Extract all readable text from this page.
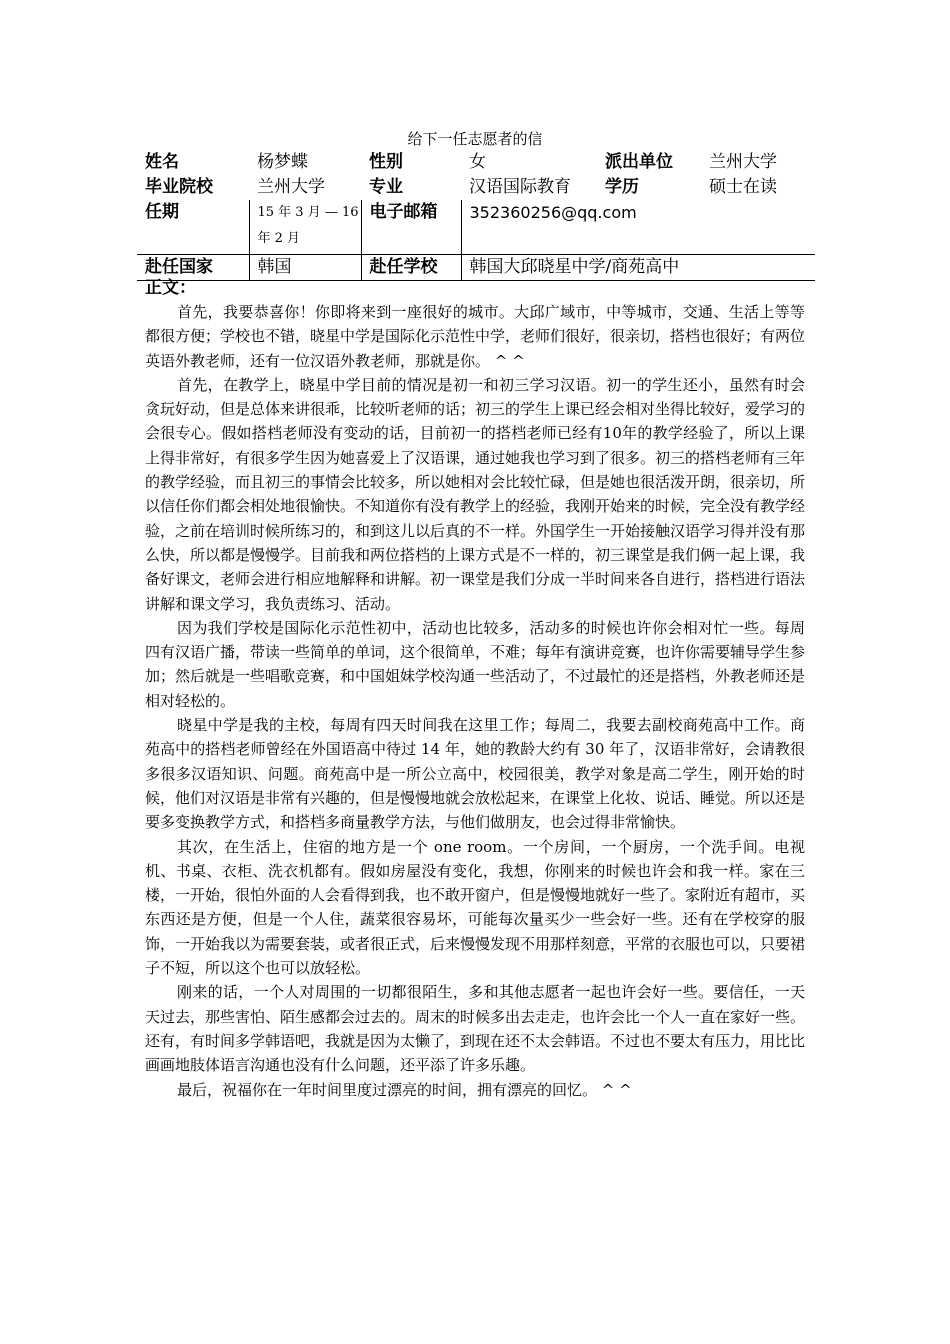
给下一任志愿者的信
姓名	杨梦蝶	性别	女	派出单位	兰州大学
毕业院校	兰州大学	专业	汉语国际教育	学历	硕士在读
任期	15 年 3 月 — 16 年 2 月	电子邮箱	352360256@qq.com		
赴任国家	韩国	赴任学校	韩国大邱晓星中学/商苑高中		
正文：

首先，我要恭喜你！你即将来到一座很好的城市。大邱广域市，中等城市，交通、生活上等等都很方便；学校也不错，晓星中学是国际化示范性中学，老师们很好，很亲切，搭档也很好；有两位英语外教老师，还有一位汉语外教老师，那就是你。 ^ ^

首先，在教学上，晓星中学目前的情况是初一和初三学习汉语。初一的学生还小，虽然有时会贪玩好动，但是总体来讲很乖，比较听老师的话；初三的学生上课已经会相对坐得比较好，爱学习的会很专心。假如搭档老师没有变动的话，目前初一的搭档老师已经有10年的教学经验了，所以上课上得非常好，有很多学生因为她喜爱上了汉语课，通过她我也学习到了很多。初三的搭档老师有三年的教学经验，而且初三的事情会比较多，所以她相对会比较忙碌，但是她也很活泼开朗，很亲切，所以信任你们都会相处地很愉快。不知道你有没有教学上的经验，我刚开始来的时候，完全没有教学经验，之前在培训时候所练习的，和到这儿以后真的不一样。外国学生一开始接触汉语学习得并没有那么快，所以都是慢慢学。目前我和两位搭档的上课方式是不一样的，初三课堂是我们俩一起上课，我备好课文，老师会进行相应地解释和讲解。初一课堂是我们分成一半时间来各自进行，搭档进行语法讲解和课文学习，我负责练习、活动。

因为我们学校是国际化示范性初中，活动也比较多，活动多的时候也许你会相对忙一些。每周四有汉语广播，带读一些简单的单词，这个很简单，不难；每年有演讲竞赛，也许你需要辅导学生参加；然后就是一些唱歌竞赛，和中国姐妹学校沟通一些活动了，不过最忙的还是搭档，外教老师还是相对轻松的。

晓星中学是我的主校，每周有四天时间我在这里工作；每周二，我要去副校商苑高中工作。商苑高中的搭档老师曾经在外国语高中待过 14 年，她的教龄大约有 30 年了，汉语非常好，会请教很多很多汉语知识、问题。商苑高中是一所公立高中，校园很美，教学对象是高二学生，刚开始的时候，他们对汉语是非常有兴趣的，但是慢慢地就会放松起来，在课堂上化妆、说话、睡觉。所以还是要多变换教学方式，和搭档多商量教学方法，与他们做朋友，也会过得非常愉快。

其次，在生活上，住宿的地方是一个 one room。一个房间，一个厨房，一个洗手间。电视机、书桌、衣柜、洗衣机都有。假如房屋没有变化，我想，你刚来的时候也许会和我一样。家在三楼，一开始，很怕外面的人会看得到我，也不敢开窗户，但是慢慢地就好一些了。家附近有超市，买东西还是方便，但是一个人住，蔬菜很容易坏，可能每次量买少一些会好一些。还有在学校穿的服饰，一开始我以为需要套装，或者很正式，后来慢慢发现不用那样刻意，平常的衣服也可以，只要裙子不短，所以这个也可以放轻松。

刚来的话，一个人对周围的一切都很陌生，多和其他志愿者一起也许会好一些。要信任，一天天过去，那些害怕、陌生感都会过去的。周末的时候多出去走走，也许会比一个人一直在家好一些。还有，有时间多学韩语吧，我就是因为太懒了，到现在还不太会韩语。不过也不要太有压力，用比比画画地肢体语言沟通也没有什么问题，还平添了许多乐趣。

最后，祝福你在一年时间里度过漂亮的时间，拥有漂亮的回忆。 ^ ^
